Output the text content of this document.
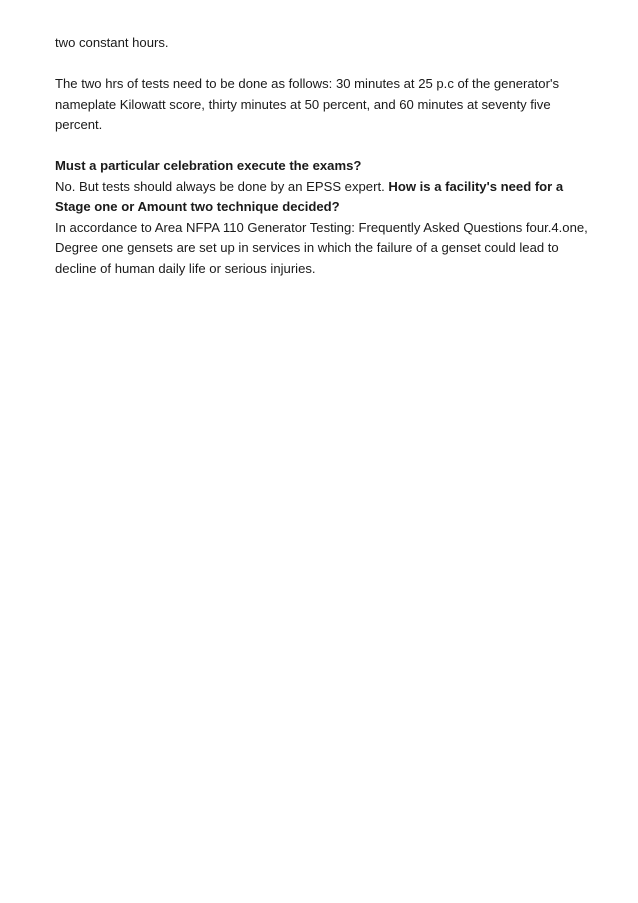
two constant hours.

The two hrs of tests need to be done as follows: 30 minutes at 25 p.c of the generator's nameplate Kilowatt score, thirty minutes at 50 percent, and 60 minutes at seventy five percent.

Must a particular celebration execute the exams?

No. But tests should always be done by an EPSS expert. How is a facility's need for a Stage one or Amount two technique decided?

In accordance to Area NFPA 110 Generator Testing: Frequently Asked Questions four.4.one, Degree one gensets are set up in services in which the failure of a genset could lead to decline of human daily life or serious injuries.
